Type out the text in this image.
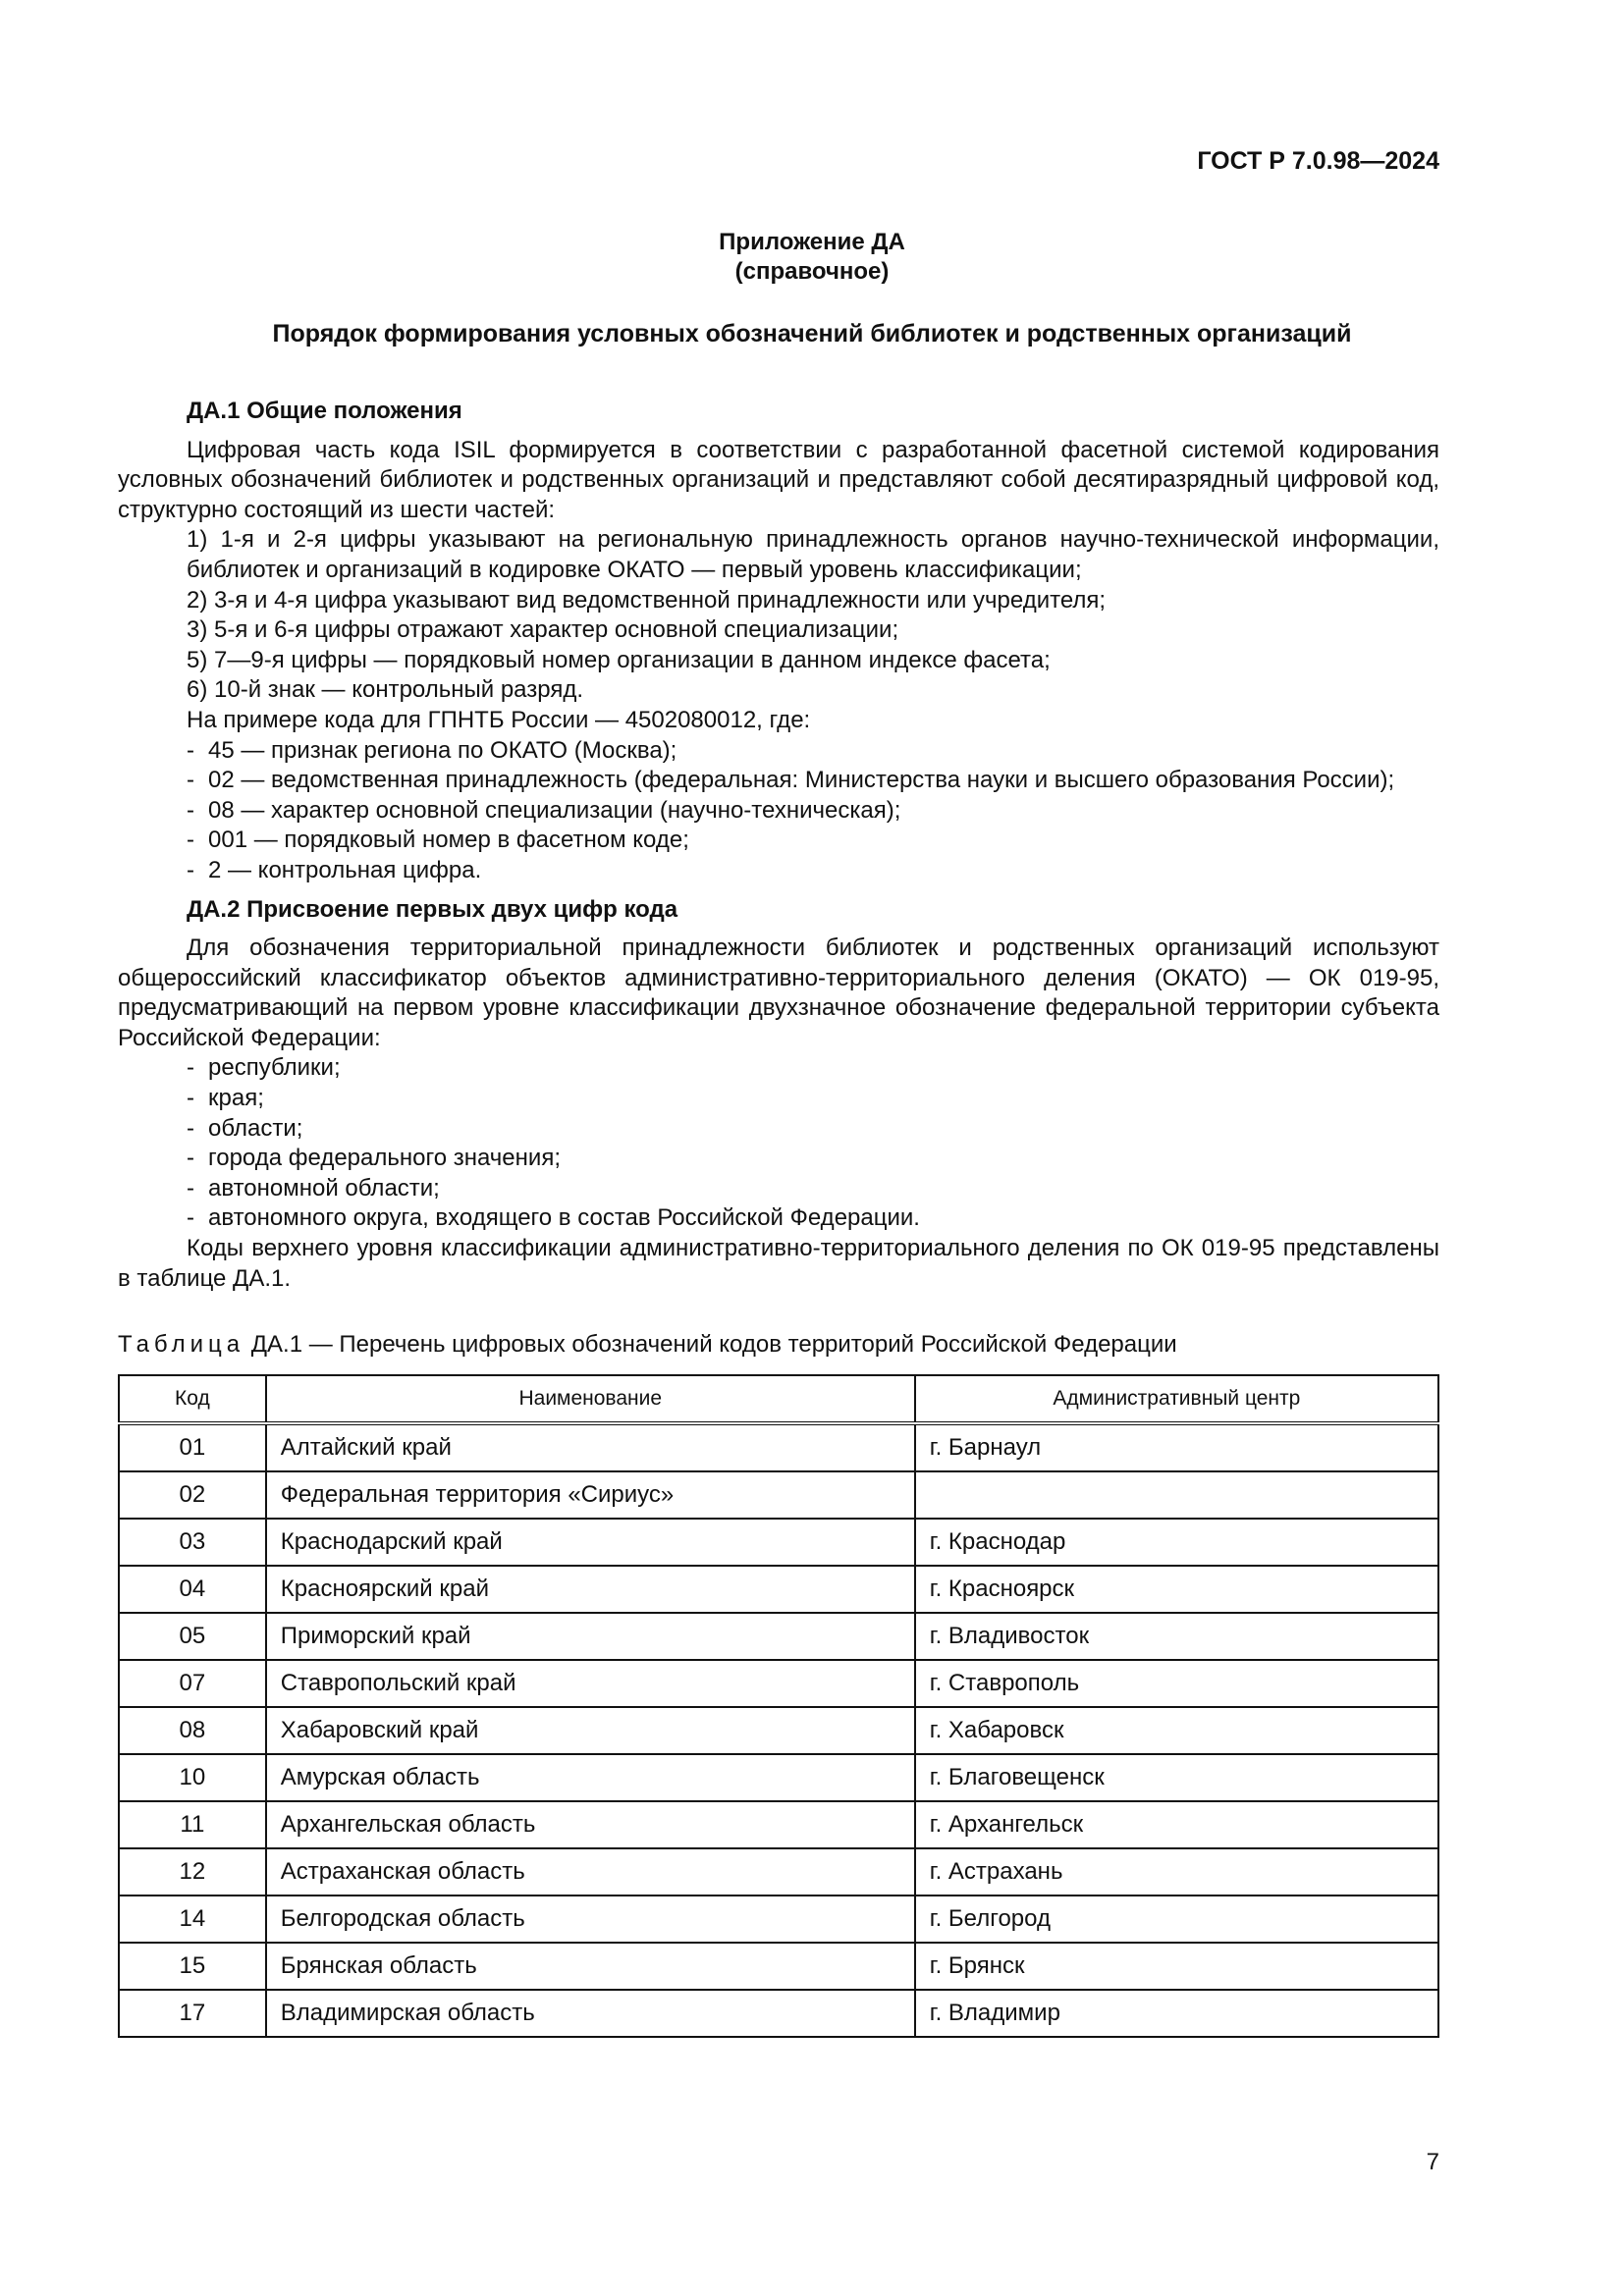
ГОСТ Р 7.0.98—2024
Приложение ДА
(справочное)
Порядок формирования условных обозначений библиотек и родственных организаций

ДА.1 Общие положения

Цифровая часть кода ISIL формируется в соответствии с разработанной фасетной системой кодирования условных обозначений библиотек и родственных организаций и представляют собой десятиразрядный цифровой код, структурно состоящий из шести частей:

1) 1-я и 2-я цифры указывают на региональную принадлежность органов научно-технической информации, библиотек и организаций в кодировке ОКАТО — первый уровень классификации;

2) 3-я и 4-я цифра указывают вид ведомственной принадлежности или учредителя;

3) 5-я и 6-я цифры отражают характер основной специализации;

5) 7—9-я цифры — порядковый номер организации в данном индексе фасета;

6) 10-й знак — контрольный разряд.

На примере кода для ГПНТБ России — 4502080012, где:

- 45 — признак региона по ОКАТО (Москва);
- 02 — ведомственная принадлежность (федеральная: Министерства науки и высшего образования России);
- 08 — характер основной специализации (научно-техническая);
- 001 — порядковый номер в фасетном коде;
- 2 — контрольная цифра.

ДА.2 Присвоение первых двух цифр кода

Для обозначения территориальной принадлежности библиотек и родственных организаций используют общероссийский классификатор объектов административно-территориального деления (ОКАТО) — ОК 019-95, предусматривающий на первом уровне классификации двухзначное обозначение федеральной территории субъекта Российской Федерации:

- республики;
- края;
- области;
- города федерального значения;
- автономной области;
- автономного округа, входящего в состав Российской Федерации.

Коды верхнего уровня классификации административно-территориального деления по ОК 019-95 представлены в таблице ДА.1.

Таблица ДА.1 — Перечень цифровых обозначений кодов территорий Российской Федерации
Код	Наименование	Административный центр
01	Алтайский край	г. Барнаул
02	Федеральная территория «Сириус»	
03	Краснодарский край	г. Краснодар
04	Красноярский край	г. Красноярск
05	Приморский край	г. Владивосток
07	Ставропольский край	г. Ставрополь
08	Хабаровский край	г. Хабаровск
10	Амурская область	г. Благовещенск
11	Архангельская область	г. Архангельск
12	Астраханская область	г. Астрахань
14	Белгородская область	г. Белгород
15	Брянская область	г. Брянск
17	Владимирская область	г. Владимир
7
